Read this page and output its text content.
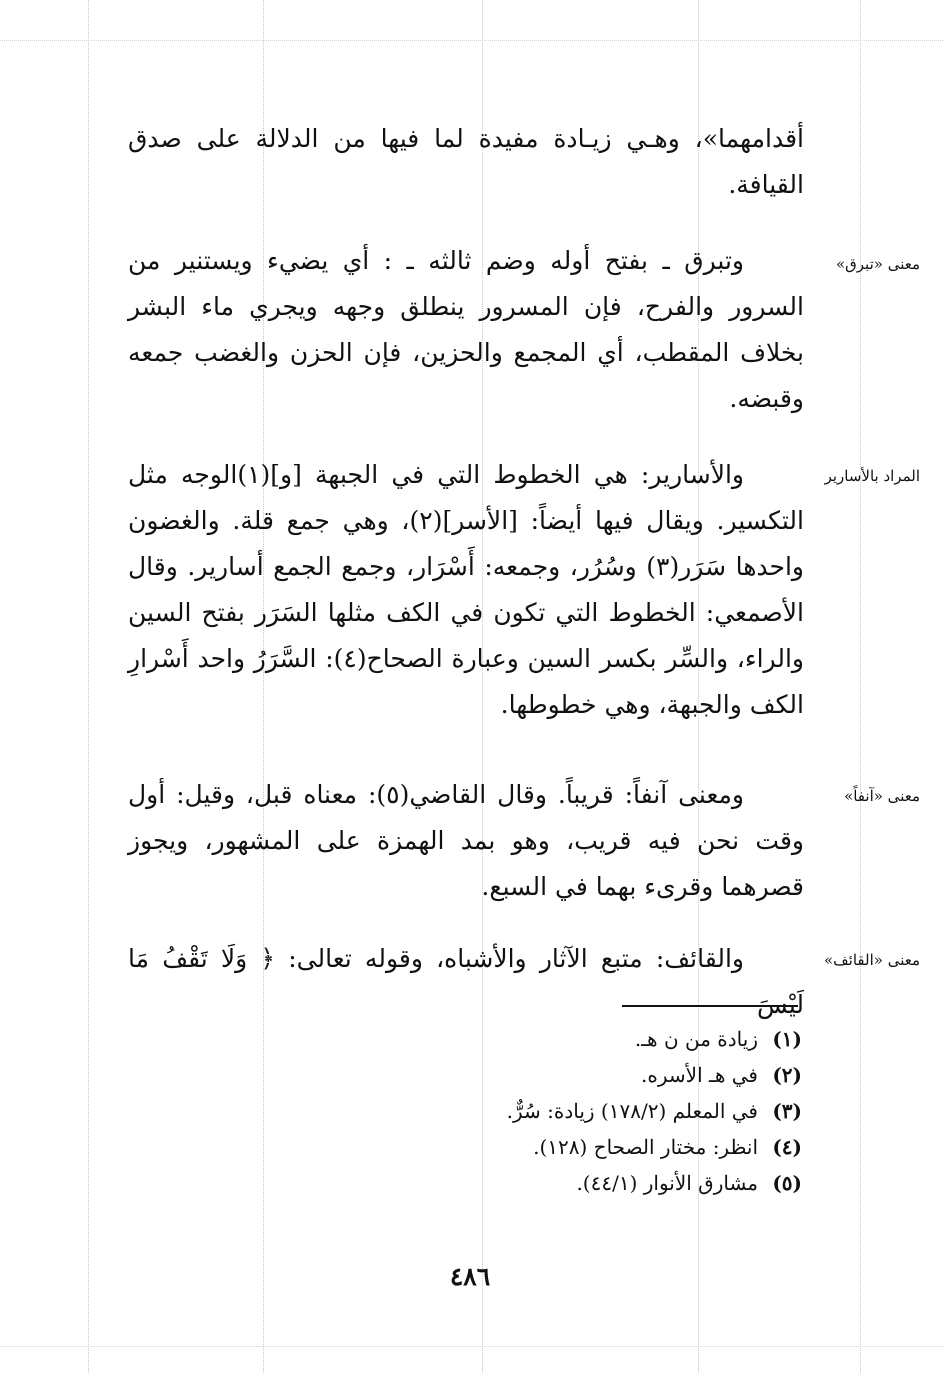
أقدامهما»، وهـي زيـادة مفيدة لما فيها من الدلالة على صدق القيافة.

معنى «تبرق»

وتبرق ـ بفتح أوله وضم ثالثه ـ : أي يضيء ويستنير من السرور والفرح، فإن المسرور ينطلق وجهه ويجري ماء البشر بخلاف المقطب، أي المجمع والحزين، فإن الحزن والغضب جمعه وقبضه.

المراد بالأسارير

والأسارير: هي الخطوط التي في الجبهة [و](١)الوجه مثل التكسير. ويقال فيها أيضاً: [الأسر](٢)، وهي جمع قلة. والغضون واحدها سَرَر(٣) وسُرُر، وجمعه: أَسْرَار، وجمع الجمع أسارير. وقال الأصمعي: الخطوط التي تكون في الكف مثلها السَرَر بفتح السين والراء، والسِّر بكسر السين وعبارة الصحاح(٤): السَّرَرُ واحد أَسْرارِ الكف والجبهة، وهي خطوطها.

معنى «آنفاً»

ومعنى آنفاً: قريباً. وقال القاضي(٥): معناه قبل، وقيل: أول وقت نحن فيه قريب، وهو بمد الهمزة على المشهور، ويجوز قصرهما وقرىء بهما في السبع.

معنى «القائف»

والقائف: متبع الآثار والأشباه، وقوله تعالى: ﴿ وَلَا تَقْفُ مَا لَيْسَ

(١)
زيادة من ن هـ.
(٢)
في هـ الأسره.
(٣)
في المعلم (١٧٨/٢) زيادة: سُرٌّ.
(٤)
انظر: مختار الصحاح (١٢٨).
(٥)
مشارق الأنوار (٤٤/١).
٤٨٦
